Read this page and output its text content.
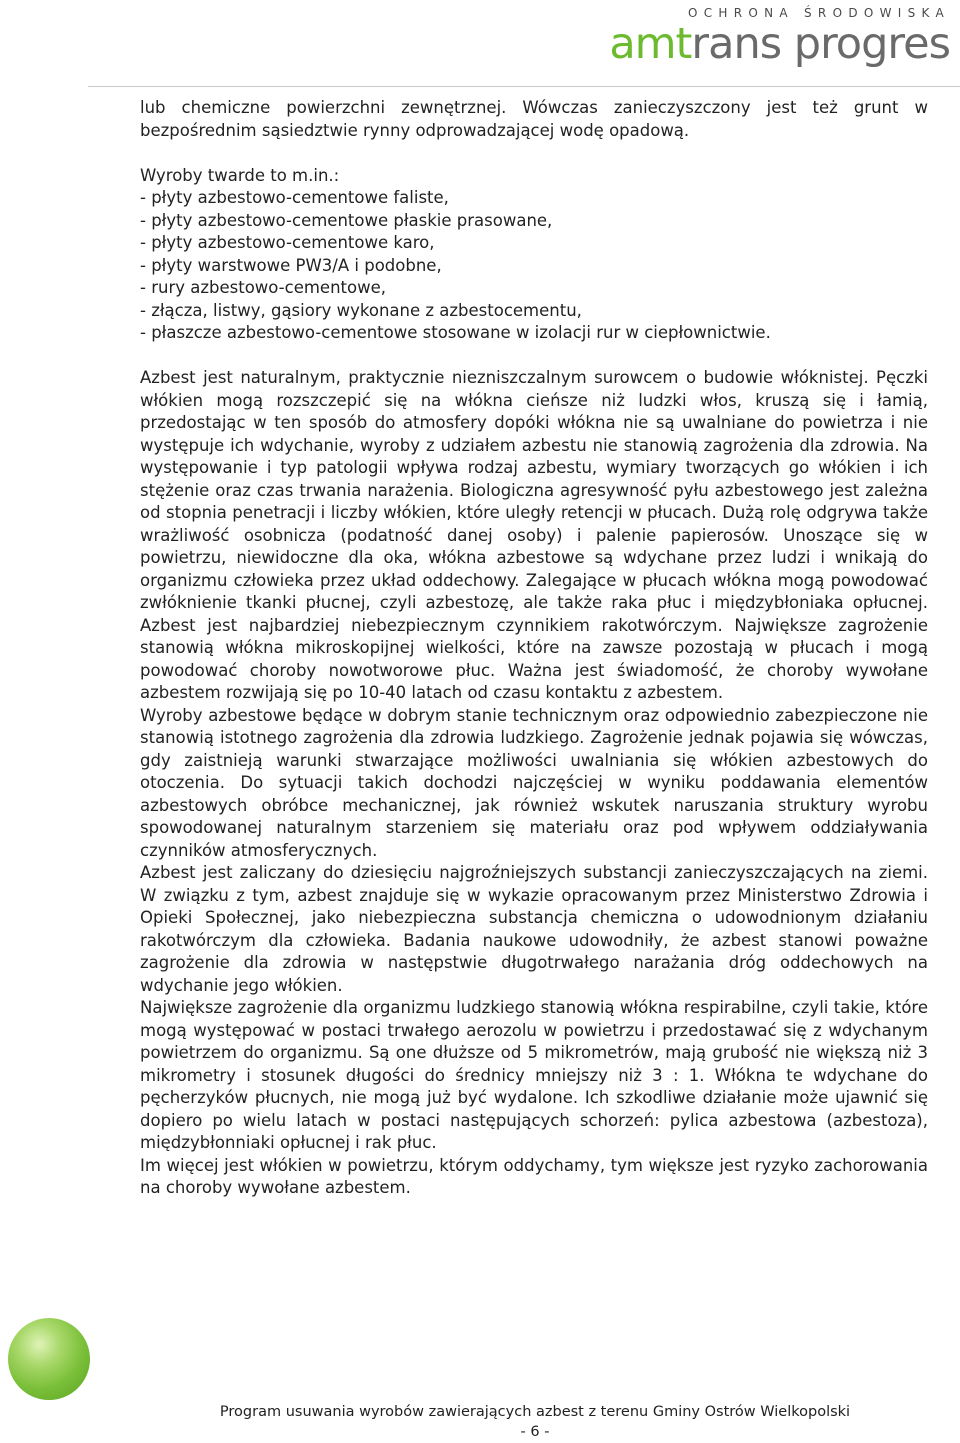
OCHRONA ŚRODOWISKA
amtrans progres

lub chemiczne powierzchni zewnętrznej. Wówczas zanieczyszczony jest też grunt w bezpośrednim sąsiedztwie rynny odprowadzającej wodę opadową.

Wyroby twarde to m.in.:

- płyty azbestowo-cementowe faliste,
- płyty azbestowo-cementowe płaskie prasowane,
- płyty azbestowo-cementowe karo,
- płyty warstwowe PW3/A i podobne,
- rury azbestowo-cementowe,
- złącza, listwy, gąsiory wykonane z azbestocementu,
- płaszcze azbestowo-cementowe stosowane w izolacji rur w ciepłownictwie.

Azbest jest naturalnym, praktycznie niezniszczalnym surowcem o budowie włóknistej. Pęczki włókien mogą rozszczepić się na włókna cieńsze niż ludzki włos, kruszą się i łamią, przedostając w ten sposób do atmosfery dopóki włókna nie są uwalniane do powietrza i nie występuje ich wdychanie, wyroby z udziałem azbestu nie stanowią zagrożenia dla zdrowia. Na występowanie i typ patologii wpływa rodzaj azbestu, wymiary tworzących go włókien i ich stężenie oraz czas trwania narażenia. Biologiczna agresywność pyłu azbestowego jest zależna od stopnia penetracji i liczby włókien, które uległy retencji w płucach. Dużą rolę odgrywa także wrażliwość osobnicza (podatność danej osoby) i palenie papierosów. Unoszące się w powietrzu, niewidoczne dla oka, włókna azbestowe są wdychane przez ludzi i wnikają do organizmu człowieka przez układ oddechowy. Zalegające w płucach włókna mogą powodować zwłóknienie tkanki płucnej, czyli azbestozę, ale także raka płuc i międzybłoniaka opłucnej. Azbest jest najbardziej niebezpiecznym czynnikiem rakotwórczym. Największe zagrożenie stanowią włókna mikroskopijnej wielkości, które na zawsze pozostają w płucach i mogą powodować choroby nowotworowe płuc. Ważna jest świadomość, że choroby wywołane azbestem rozwijają się po 10-40 latach od czasu kontaktu z azbestem.

Wyroby azbestowe będące w dobrym stanie technicznym oraz odpowiednio zabezpieczone nie stanowią istotnego zagrożenia dla zdrowia ludzkiego. Zagrożenie jednak pojawia się wówczas, gdy zaistnieją warunki stwarzające możliwości uwalniania się włókien azbestowych do otoczenia. Do sytuacji takich dochodzi najczęściej w wyniku poddawania elementów azbestowych obróbce mechanicznej, jak również wskutek naruszania struktury wyrobu spowodowanej naturalnym starzeniem się materiału oraz pod wpływem oddziaływania czynników atmosferycznych.

Azbest jest zaliczany do dziesięciu najgroźniejszych substancji zanieczyszczających na ziemi. W związku z tym, azbest znajduje się w wykazie opracowanym przez Ministerstwo Zdrowia i Opieki Społecznej, jako niebezpieczna substancja chemiczna o udowodnionym działaniu rakotwórczym dla człowieka. Badania naukowe udowodniły, że azbest stanowi poważne zagrożenie dla zdrowia w następstwie długotrwałego narażania dróg oddechowych na wdychanie jego włókien.

Największe zagrożenie dla organizmu ludzkiego stanowią włókna respirabilne, czyli takie, które mogą występować w postaci trwałego aerozolu w powietrzu i przedostawać się z wdychanym powietrzem do organizmu. Są one dłuższe od 5 mikrometrów, mają grubość nie większą niż 3 mikrometry i stosunek długości do średnicy mniejszy niż 3 : 1. Włókna te wdychane do pęcherzyków płucnych, nie mogą już być wydalone. Ich szkodliwe działanie może ujawnić się dopiero po wielu latach w postaci następujących schorzeń: pylica azbestowa (azbestoza), międzybłonniaki opłucnej i rak płuc.

Im więcej jest włókien w powietrzu, którym oddychamy, tym większe jest ryzyko zachorowania na choroby wywołane azbestem.

Program usuwania wyrobów zawierających azbest z terenu Gminy Ostrów Wielkopolski
- 6 -
